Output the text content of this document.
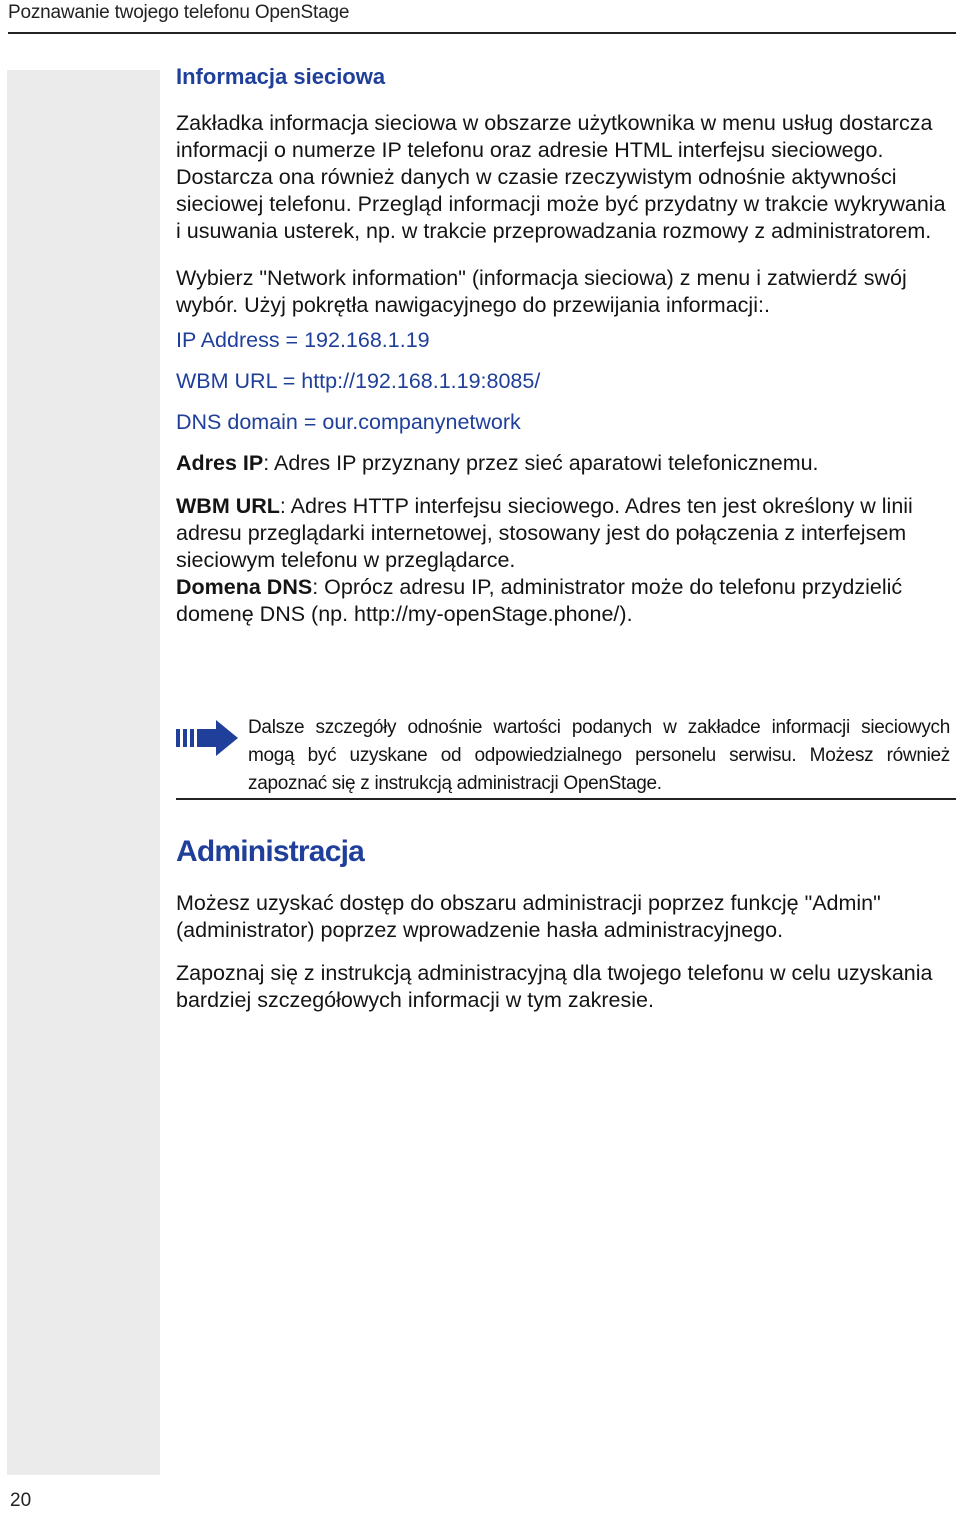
Poznawanie twojego telefonu OpenStage
Informacja sieciowa

Zakładka informacja sieciowa w obszarze użytkownika w menu usług dostarcza informacji o numerze IP telefonu oraz adresie HTML interfejsu sieciowego. Dostarcza ona również danych w czasie rzeczywistym odnośnie aktywności sieciowej telefonu. Przegląd informacji może być przydatny w trakcie wykrywania i usuwania usterek, np. w trakcie przeprowadzania rozmowy z administratorem.

Wybierz "Network information" (informacja sieciowa) z menu i zatwierdź swój wybór. Użyj pokrętła nawigacyjnego do przewijania informacji:.

IP Address = 192.168.1.19
WBM URL = http://192.168.1.19:8085/
DNS domain = our.companynetwork

Adres IP: Adres IP przyznany przez sieć aparatowi telefonicznemu.

WBM URL: Adres HTTP interfejsu sieciowego. Adres ten jest określony w linii adresu przeglądarki internetowej, stosowany jest do połączenia z interfejsem sieciowym telefonu w przeglądarce.

Domena DNS: Oprócz adresu IP, administrator może do telefonu przydzielić domenę DNS (np. http://my-openStage.phone/).

Dalsze szczegóły odnośnie wartości podanych w zakładce informacji sieciowych mogą być uzyskane od odpowiedzialnego personelu serwisu. Możesz również zapoznać się z instrukcją administracji OpenStage.
Administracja

Możesz uzyskać dostęp do obszaru administracji poprzez funkcję "Admin" (administrator) poprzez wprowadzenie hasła administracyjnego.

Zapoznaj się z instrukcją administracyjną dla twojego telefonu w celu uzyskania bardziej szczegółowych informacji w tym zakresie.

20
